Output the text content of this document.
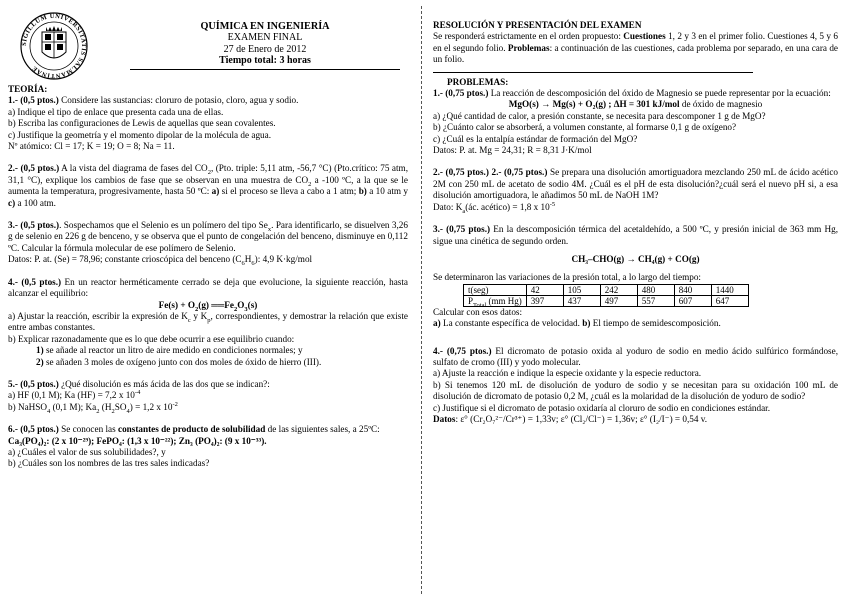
SIGILLUM UNIVERSITATIS SALMANTINAE
QUÍMICA EN INGENIERÍA
EXAMEN FINAL
27 de Enero de 2012
Tiempo total: 3 horas

TEORÍA:

1.- (0,5 ptos.) Considere las sustancias: cloruro de potasio, cloro, agua y sodio.

a) Indique el tipo de enlace que presenta cada una de ellas.

b) Escriba las configuraciones de Lewis de aquellas que sean covalentes.

c) Justifique la geometría y el momento dipolar de la molécula de agua.

Nº atómico: Cl = 17; K = 19; O = 8; Na = 11.

2.- (0,5 ptos.) A la vista del diagrama de fases del $CO_2$, (Pto. triple: 5,11 atm, -56,7 °C) (Pto.crítico: 75 atm, 31,1 °C), explique los cambios de fase que se observan en una muestra de $CO_2$ a -100 ºC, a la que se le aumenta la temperatura, progresivamente, hasta 50 ºC: a) si el proceso se lleva a cabo a 1 atm; b) a 10 atm y c) a 100 atm.

3.- (0,5 ptos.). Sospechamos que el Selenio es un polímero del tipo $Se_x$. Para identificarlo, se disuelven 3,26 g de selenio en 226 g de benceno, y se observa que el punto de congelación del benceno, disminuye en 0,112 ºC. Calcular la fórmula molecular de ese polímero de Selenio.

Datos: P. at. (Se) = 78,96; constante crioscópica del benceno $(C_6H_6)$: 4,9 K·kg/mol

4.- (0,5 ptos.) En un reactor herméticamente cerrado se deja que evolucione, la siguiente reacción, hasta alcanzar el equilibrio:

$Fe(s) + O_2(g)$ $══Fe_2O_3(s)$

a) Ajustar la reacción, escribir la expresión de $K_c$ y $K_p$, correspondientes, y demostrar la relación que existe entre ambas constantes.

b) Explicar razonadamente que es lo que debe ocurrir a ese equilibrio cuando:

1) se añade al reactor un litro de aire medido en condiciones normales; y

2) se añaden 3 moles de oxígeno junto con dos moles de óxido de hierro (III).

5.- (0,5 ptos.) ¿Qué disolución es más ácida de las dos que se indican?:

a) HF (0,1 M); Ka (HF) = 7,2 x $10^{-4}$

b) NaHSO$_4$ (0,1 M); $Ka_2$ $(H_2SO_4) = 1,2$ x $10^{-2}$

6.- (0,5 ptos.) Se conocen las constantes de producto de solubilidad de las siguientes sales, a 25ºC:

Ca₃(PO₄)₂: (2 x 10⁻²⁹); FePO₄: (1,3 x 10⁻²²); Zn₃ (PO₄)₂: (9 x 10⁻³³).

a) ¿Cuáles el valor de sus solubilidades?, y

b) ¿Cuáles son los nombres de las tres sales indicadas?

RESOLUCIÓN Y PRESENTACIÓN DEL EXAMEN

Se responderá estrictamente en el orden propuesto: Cuestiones 1, 2 y 3 en el primer folio. Cuestiones 4, 5 y 6 en el segundo folio. Problemas: a continuación de las cuestiones, cada problema por separado, en una cara de un folio.

PROBLEMAS:

1.- (0,75 ptos.) La reacción de descomposición del óxido de Magnesio se puede representar por la ecuación:

MgO(s) → Mg(s) + O₂(g) ; ΔH = 301 kJ/mol de óxido de magnesio

a) ¿Qué cantidad de calor, a presión constante, se necesita para descomponer 1 g de MgO?

b) ¿Cuánto calor se absorberá, a volumen constante, al formarse 0,1 g de oxígeno?

c) ¿Cuál es la entalpía estándar de formación del MgO?

Datos: P. at. Mg = 24,31; R = 8,31 J·K/mol

2.- (0,75 ptos.) 2.- (0,75 ptos.) Se prepara una disolución amortiguadora mezclando 250 mL de ácido acético 2M con 250 mL de acetato de sodio 4M. ¿Cuál es el pH de esta disolución?¿cuál será el nuevo pH si, a esa disolución amortiguadora, le añadimos 50 mL de NaOH 1M?

Dato: $K_a(ác$. acético) = 1,8 x $10^{-5}$

3.- (0,75 ptos.) En la descomposición térmica del acetaldehído, a 500 ºC, y presión inicial de 363 mm Hg, sigue una cinética de segundo orden.

CH₃–CHO(g) → CH₄(g) + CO(g)

Se determinaron las variaciones de la presión total, a lo largo del tiempo:

t(seg)	42	105	242	480	840	1440
$P_{Total}$ (mm Hg)	397	437	497	557	607	647

Calcular con esos datos:

a) La constante específica de velocidad. b) El tiempo de semidescomposición.

4.- (0,75 ptos.) El dicromato de potasio oxida al yoduro de sodio en medio ácido sulfúrico formándose, sulfato de cromo (III) y yodo molecular.

a) Ajuste la reacción e indique la especie oxidante y la especie reductora.

b) Si tenemos 120 mL de disolución de yoduro de sodio y se necesitan para su oxidación 100 mL de disolución de dicromato de potasio 0,2 M, ¿cuál es la molaridad de la disolución de yoduro de sodio?

c) Justifique si el dicromato de potasio oxidaría al cloruro de sodio en condiciones estándar.

Datos: ε° (Cr₂O₇²⁻/Cr³⁺) = 1,33v; ε° (Cl₂/Cl⁻) = 1,36v; ε° (I₂/I⁻) = 0,54 v.
